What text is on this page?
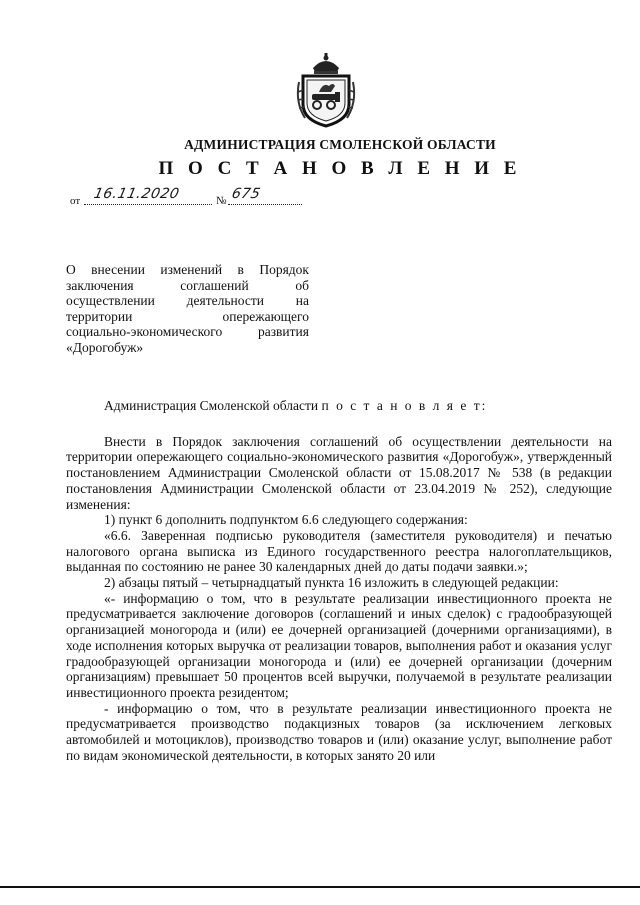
АДМИНИСТРАЦИЯ СМОЛЕНСКОЙ ОБЛАСТИ
П О С Т А Н О В Л Е Н И Е
от 16.11.2020	№ 675
О внесении изменений в Порядок
заключения соглашений об
осуществлении деятельности на
территории опережающего
социально-экономического развития
«Дорогобуж»

Администрация Смоленской области п о с т а н о в л я е т:

Внести в Порядок заключения соглашений об осуществлении деятельности на территории опережающего социально-экономического развития «Дорогобуж», утвержденный постановлением Администрации Смоленской области от 15.08.2017 № 538 (в редакции постановления Администрации Смоленской области от 23.04.2019 № 252), следующие изменения:

1) пункт 6 дополнить подпунктом 6.6 следующего содержания:

«6.6. Заверенная подписью руководителя (заместителя руководителя) и печатью налогового органа выписка из Единого государственного реестра налогоплательщиков, выданная по состоянию не ранее 30 календарных дней до даты подачи заявки.»;

2) абзацы пятый – четырнадцатый пункта 16 изложить в следующей редакции:

«- информацию о том, что в результате реализации инвестиционного проекта не предусматривается заключение договоров (соглашений и иных сделок) с градообразующей организацией моногорода и (или) ее дочерней организацией (дочерними организациями), в ходе исполнения которых выручка от реализации товаров, выполнения работ и оказания услуг градообразующей организации моногорода и (или) ее дочерней организации (дочерним организациям) превышает 50 процентов всей выручки, получаемой в результате реализации инвестиционного проекта резидентом;

- информацию о том, что в результате реализации инвестиционного проекта не предусматривается производство подакцизных товаров (за исключением легковых автомобилей и мотоциклов), производство товаров и (или) оказание услуг, выполнение работ по видам экономической деятельности, в которых занято 20 или
